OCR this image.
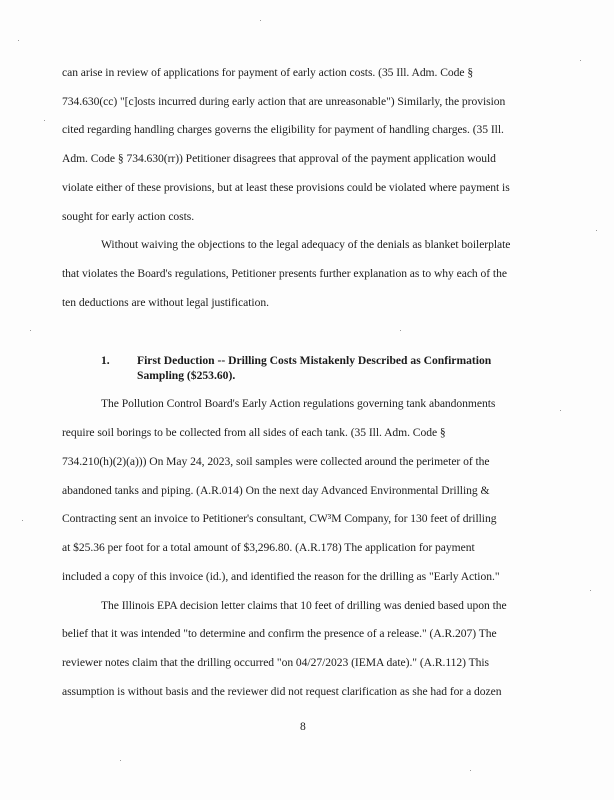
can arise in review of applications for payment of early action costs. (35 Ill. Adm. Code §
734.630(cc) "[c]osts incurred during early action that are unreasonable") Similarly, the provision
cited regarding handling charges governs the eligibility for payment of handling charges. (35 Ill.
Adm. Code § 734.630(rr)) Petitioner disagrees that approval of the payment application would
violate either of these provisions, but at least these provisions could be violated where payment is
sought for early action costs.
Without waiving the objections to the legal adequacy of the denials as blanket boilerplate
that violates the Board's regulations, Petitioner presents further explanation as to why each of the
ten deductions are without legal justification.
1. First Deduction -- Drilling Costs Mistakenly Described as Confirmation
Sampling ($253.60).
The Pollution Control Board's Early Action regulations governing tank abandonments
require soil borings to be collected from all sides of each tank. (35 Ill. Adm. Code §
734.210(h)(2)(a))) On May 24, 2023, soil samples were collected around the perimeter of the
abandoned tanks and piping. (A.R.014) On the next day Advanced Environmental Drilling &
Contracting sent an invoice to Petitioner's consultant, CW³M Company, for 130 feet of drilling
at $25.36 per foot for a total amount of $3,296.80. (A.R.178) The application for payment
included a copy of this invoice (id.), and identified the reason for the drilling as "Early Action."
The Illinois EPA decision letter claims that 10 feet of drilling was denied based upon the
belief that it was intended "to determine and confirm the presence of a release." (A.R.207) The
reviewer notes claim that the drilling occurred "on 04/27/2023 (IEMA date)." (A.R.112) This
assumption is without basis and the reviewer did not request clarification as she had for a dozen
8
